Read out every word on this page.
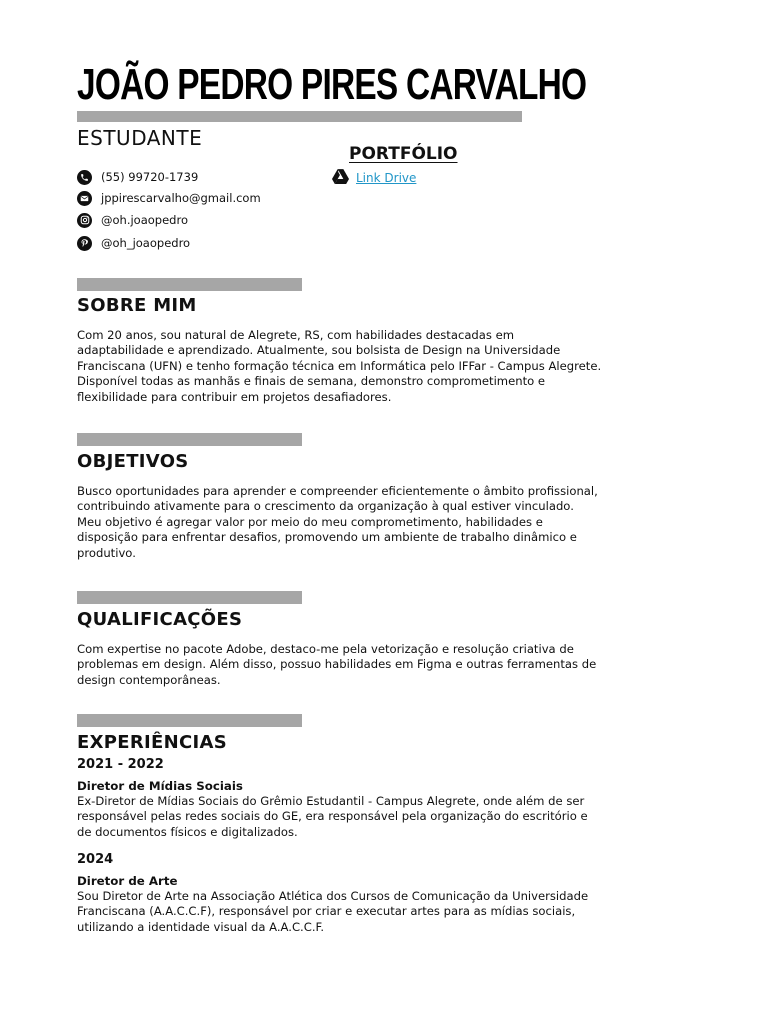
JOÃO PEDRO PIRES CARVALHO
ESTUDANTE
(55) 99720-1739
jppirescarvalho@gmail.com
@oh.joaopedro
@oh_joaopedro
PORTFÓLIO
Link Drive
SOBRE MIM

Com 20 anos, sou natural de Alegrete, RS, com habilidades destacadas em adaptabilidade e aprendizado. Atualmente, sou bolsista de Design na Universidade Franciscana (UFN) e tenho formação técnica em Informática pelo IFFar - Campus Alegrete. Disponível todas as manhãs e finais de semana, demonstro comprometimento e flexibilidade para contribuir em projetos desafiadores.

OBJETIVOS

Busco oportunidades para aprender e compreender eficientemente o âmbito profissional, contribuindo ativamente para o crescimento da organização à qual estiver vinculado. Meu objetivo é agregar valor por meio do meu comprometimento, habilidades e disposição para enfrentar desafios, promovendo um ambiente de trabalho dinâmico e produtivo.

QUALIFICAÇÕES

Com expertise no pacote Adobe, destaco-me pela vetorização e resolução criativa de problemas em design. Além disso, possuo habilidades em Figma e outras ferramentas de design contemporâneas.

EXPERIÊNCIAS
2021 - 2022
Diretor de Mídias Sociais

Ex-Diretor de Mídias Sociais do Grêmio Estudantil - Campus Alegrete, onde além de ser responsável pelas redes sociais do GE, era responsável pela organização do escritório e de documentos físicos e digitalizados.

2024
Diretor de Arte

Sou Diretor de Arte na Associação Atlética dos Cursos de Comunicação da Universidade Franciscana (A.A.C.C.F), responsável por criar e executar artes para as mídias sociais, utilizando a identidade visual da A.A.C.C.F.
